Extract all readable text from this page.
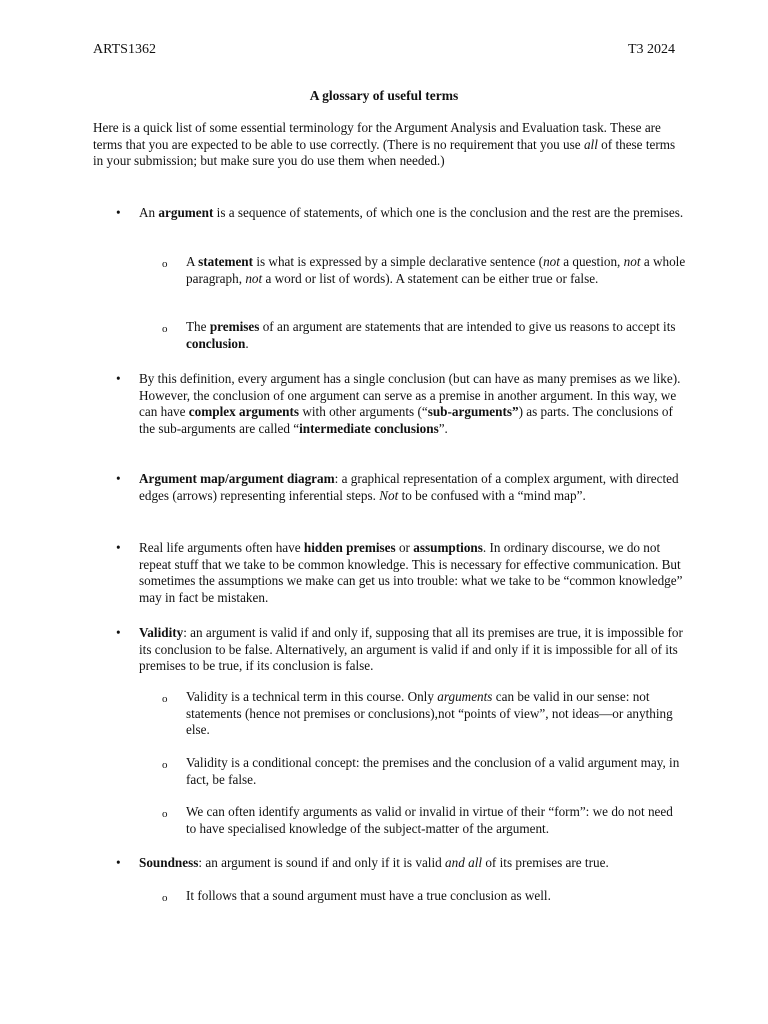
ARTS1362	T3 2024
A glossary of useful terms

Here is a quick list of some essential terminology for the Argument Analysis and Evaluation task. These are terms that you are expected to be able to use correctly. (There is no requirement that you use all of these terms in your submission; but make sure you do use them when needed.)

• An argument is a sequence of statements, of which one is the conclusion and the rest are the premises.

o A statement is what is expressed by a simple declarative sentence (not a question, not a whole paragraph, not a word or list of words). A statement can be either true or false.

o The premises of an argument are statements that are intended to give us reasons to accept its conclusion.

• By this definition, every argument has a single conclusion (but can have as many premises as we like). However, the conclusion of one argument can serve as a premise in another argument. In this way, we can have complex arguments with other arguments (“sub-arguments”) as parts. The conclusions of the sub-arguments are called “intermediate conclusions”.

• Argument map/argument diagram: a graphical representation of a complex argument, with directed edges (arrows) representing inferential steps. Not to be confused with a “mind map”.

• Real life arguments often have hidden premises or assumptions. In ordinary discourse, we do not repeat stuff that we take to be common knowledge. This is necessary for effective communication. But sometimes the assumptions we make can get us into trouble: what we take to be “common knowledge” may in fact be mistaken.

• Validity: an argument is valid if and only if, supposing that all its premises are true, it is impossible for its conclusion to be false. Alternatively, an argument is valid if and only if it is impossible for all of its premises to be true, if its conclusion is false.

o Validity is a technical term in this course. Only arguments can be valid in our sense: not statements (hence not premises or conclusions),not “points of view”, not ideas—or anything else.

o Validity is a conditional concept: the premises and the conclusion of a valid argument may, in fact, be false.

o We can often identify arguments as valid or invalid in virtue of their “form”: we do not need to have specialised knowledge of the subject-matter of the argument.

• Soundness: an argument is sound if and only if it is valid and all of its premises are true.

o It follows that a sound argument must have a true conclusion as well.
